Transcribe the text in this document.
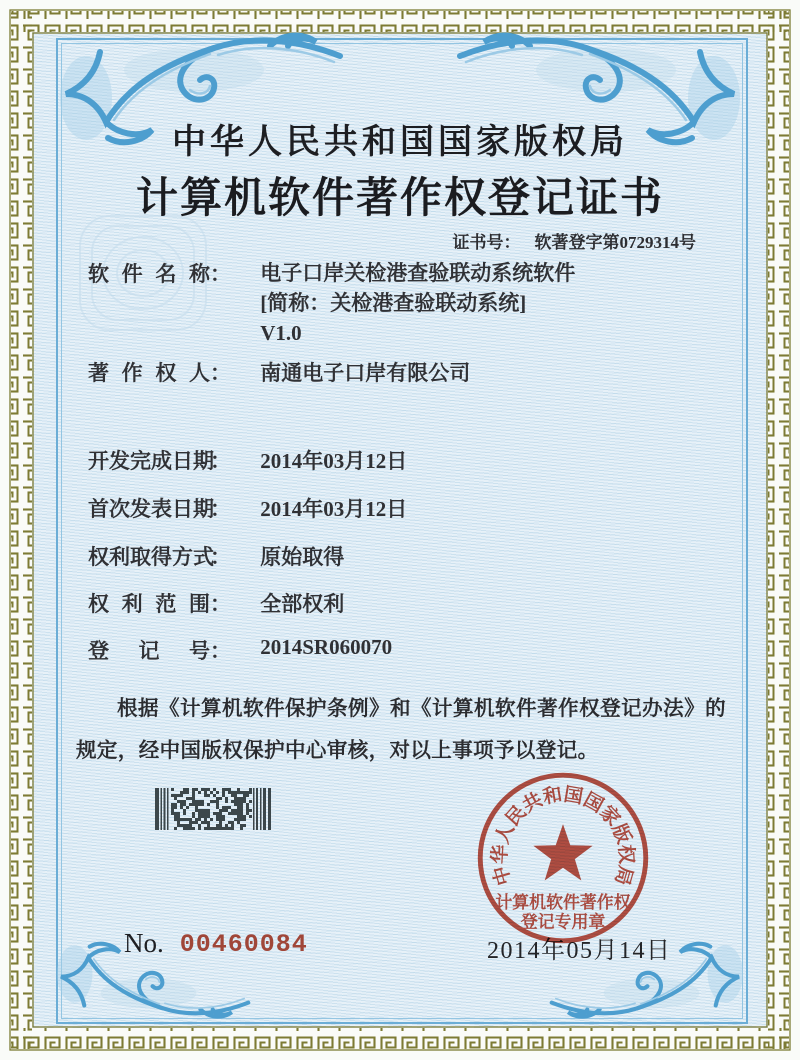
中华人民共和国国家版权局
计算机软件著作权登记证书
证书号： 软著登字第0729314号
软件名称： 电子口岸关检港查验联动系统软件
[简称：关检港查验联动系统]
V1.0
著作权人： 南通电子口岸有限公司
开发完成日期： 2014年03月12日
首次发表日期： 2014年03月12日
权利取得方式： 原始取得
权利范围： 全部权利
登记号： 2014SR060070
根据《计算机软件保护条例》和《计算机软件著作权登记办法》的规定，经中国版权保护中心审核，对以上事项予以登记。
中华人民共和国国家版权局
计算机软件著作权
登记专用章
No. 00460084	2014年05月14日
